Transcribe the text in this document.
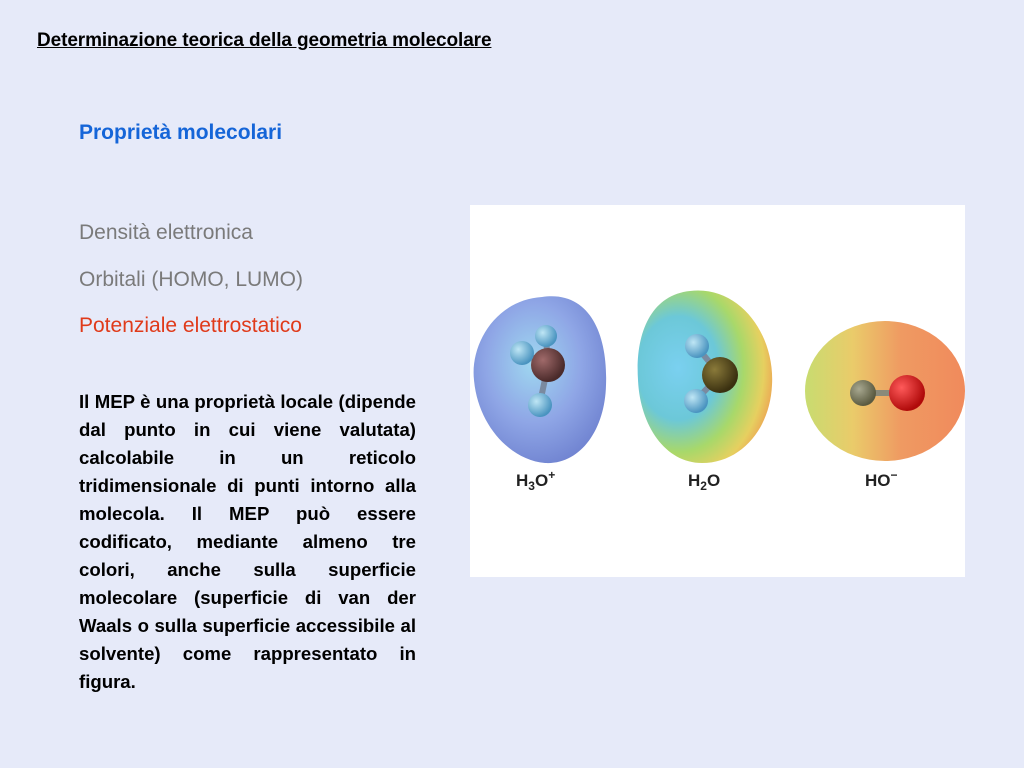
Determinazione teorica della geometria molecolare
Proprietà molecolari
Densità elettronica
Orbitali (HOMO, LUMO)
Potenziale elettrostatico

Il MEP è una proprietà locale (dipende dal punto in cui viene valutata) calcolabile in un reticolo tridimensionale di punti intorno alla molecola. Il MEP può essere codificato, mediante almeno tre colori, anche sulla superficie molecolare (superficie di van der Waals o sulla superficie accessibile al solvente) come rappresentato in figura.

$H_3O^+$	$H_2O$	HO−
